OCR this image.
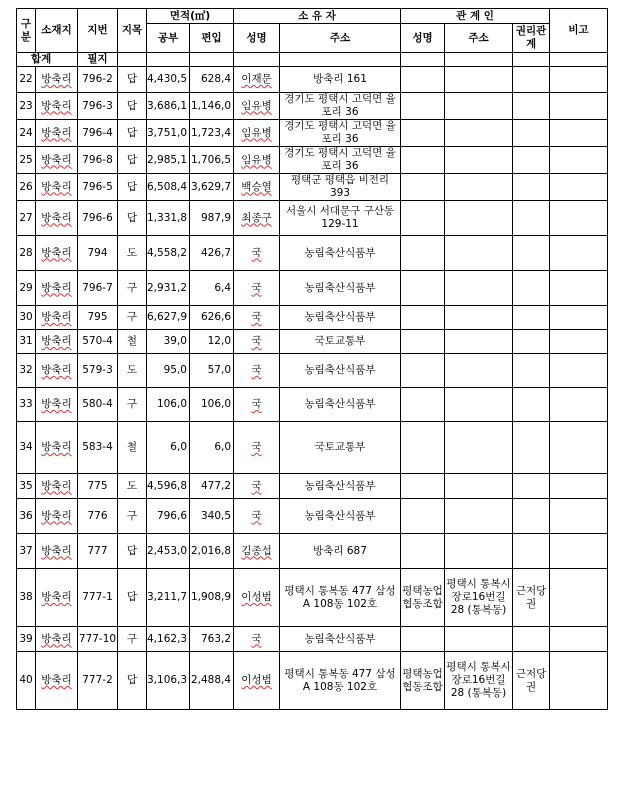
구분	소재지	지번	지목	면적(㎡)		소 유 자		관 계 인			비고
				공부	편입	성명	주소	성명	주소	권리관계	
합계		필지									
22	방축리	796-2	답	4,430,5	628,4	이재문	방축리 161				
23	방축리	796-3	답	3,686,1	1,146,0	임유병	경기도 평택시 고덕면 율포리 36				
24	방축리	796-4	답	3,751,0	1,723,4	임유병	경기도 평택시 고덕면 율포리 36				
25	방축리	796-8	답	2,985,1	1,706,5	임유병	경기도 평택시 고덕면 율포리 36				
26	방축리	796-5	답	6,508,4	3,629,7	백승열	평택군 평택읍 비전리 393				
27	방축리	796-6	답	1,331,8	987,9	최종구	서울시 서대문구 구산동 129-11				
28	방축리	794	도	4,558,2	426,7	국	농림축산식품부				
29	방축리	796-7	구	2,931,2	6,4	국	농림축산식품부				
30	방축리	795	구	6,627,9	626,6	국	농림축산식품부				
31	방축리	570-4	철	39,0	12,0	국	국토교통부				
32	방축리	579-3	도	95,0	57,0	국	농림축산식품부				
33	방축리	580-4	구	106,0	106,0	국	농림축산식품부				
34	방축리	583-4	철	6,0	6,0	국	국토교통부				
35	방축리	775	도	4,596,8	477,2	국	농림축산식품부				
36	방축리	776	구	796,6	340,5	국	농림축산식품부				
37	방축리	777	답	2,453,0	2,016,8	김종섭	방축리 687				
38	방축리	777-1	답	3,211,7	1,908,9	이성범	평택시 통복동 477 삼성A 108동 102호	평택농업협동조합	평택시 통복시장로16번길 28 (통복동)	근저당권	
39	방축리	777-10	구	4,162,3	763,2	국	농림축산식품부				
40	방축리	777-2	답	3,106,3	2,488,4	이성범	평택시 통복동 477 삼성A 108동 102호	평택농업협동조합	평택시 통복시장로16번길 28 (통복동)	근저당권	
